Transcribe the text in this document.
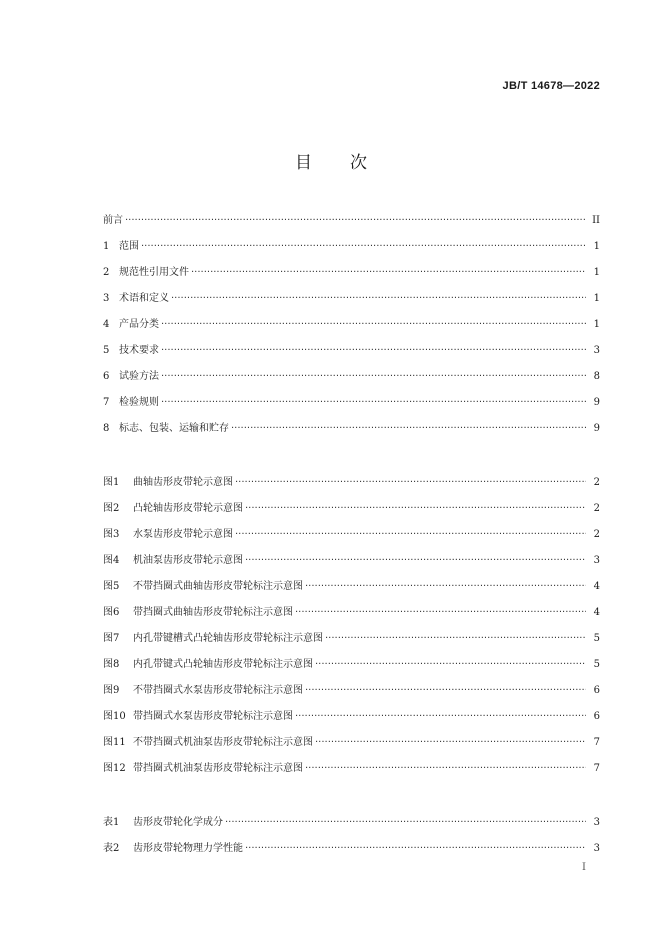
JB/T 14678—2022
目 次
前言 ·····	II
1 范围 ·····	1
2 规范性引用文件 ·····	1
3 术语和定义 ·····	1
4 产品分类 ·····	1
5 技术要求 ·····	3
6 试验方法 ·····	8
7 检验规则 ·····	9
8 标志、包装、运输和贮存 ·····	9
图1	曲轴齿形皮带轮示意图 ·····	2
图2	凸轮轴齿形皮带轮示意图 ·····	2
图3	水泵齿形皮带轮示意图 ·····	2
图4	机油泵齿形皮带轮示意图 ·····	3
图5	不带挡圈式曲轴齿形皮带轮标注示意图 ·····	4
图6	带挡圈式曲轴齿形皮带轮标注示意图 ·····	4
图7	内孔带键槽式凸轮轴齿形皮带轮标注示意图 ·····	5
图8	内孔带键式凸轮轴齿形皮带轮标注示意图 ·····	5
图9	不带挡圈式水泵齿形皮带轮标注示意图 ·····	6
图10 带挡圈式水泵齿形皮带轮标注示意图 ·····	6
图11 不带挡圈式机油泵齿形皮带轮标注示意图 ·····	7
图12 带挡圈式机油泵齿形皮带轮标注示意图 ·····	7
表1	齿形皮带轮化学成分 ·····	3
表2	齿形皮带轮物理力学性能 ·····	3
I
